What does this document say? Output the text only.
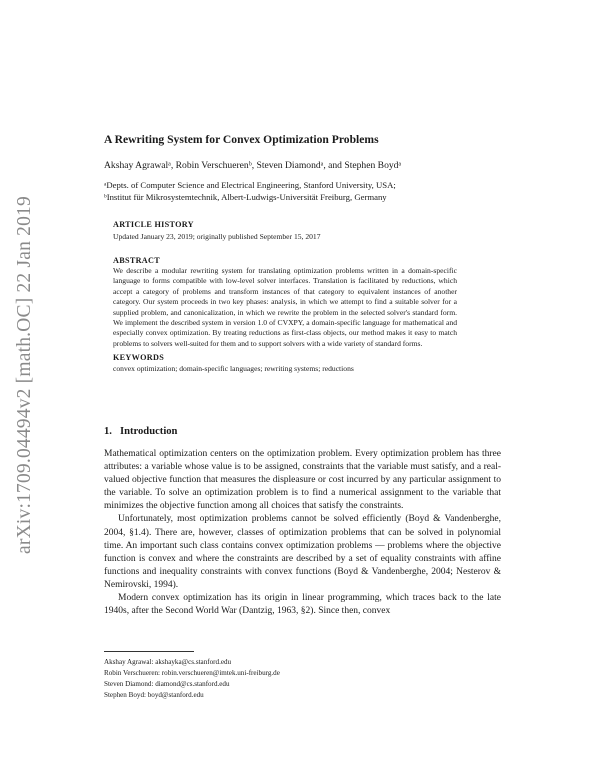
arXiv:1709.04494v2 [math.OC] 22 Jan 2019
A Rewriting System for Convex Optimization Problems
Akshay Agrawalᵃ, Robin Verschuerenᵇ, Steven Diamondᵃ, and Stephen Boydᵃ
ᵃDepts. of Computer Science and Electrical Engineering, Stanford University, USA;
ᵇInstitut für Mikrosystemtechnik, Albert-Ludwigs-Universität Freiburg, Germany
ARTICLE HISTORY
Updated January 23, 2019; originally published September 15, 2017
ABSTRACT
We describe a modular rewriting system for translating optimization problems written in a domain-specific language to forms compatible with low-level solver interfaces. Translation is facilitated by reductions, which accept a category of problems and transform instances of that category to equivalent instances of another category. Our system proceeds in two key phases: analysis, in which we attempt to find a suitable solver for a supplied problem, and canonicalization, in which we rewrite the problem in the selected solver's standard form. We implement the described system in version 1.0 of CVXPY, a domain-specific language for mathematical and especially convex optimization. By treating reductions as first-class objects, our method makes it easy to match problems to solvers well-suited for them and to support solvers with a wide variety of standard forms.
KEYWORDS
convex optimization; domain-specific languages; rewriting systems; reductions
1. Introduction

Mathematical optimization centers on the optimization problem. Every optimization problem has three attributes: a variable whose value is to be assigned, constraints that the variable must satisfy, and a real-valued objective function that measures the displeasure or cost incurred by any particular assignment to the variable. To solve an optimization problem is to find a numerical assignment to the variable that minimizes the objective function among all choices that satisfy the constraints.

Unfortunately, most optimization problems cannot be solved efficiently (Boyd & Vandenberghe, 2004, §1.4). There are, however, classes of optimization problems that can be solved in polynomial time. An important such class contains convex optimization problems — problems where the objective function is convex and where the constraints are described by a set of equality constraints with affine functions and inequality constraints with convex functions (Boyd & Vandenberghe, 2004; Nesterov & Nemirovski, 1994).

Modern convex optimization has its origin in linear programming, which traces back to the late 1940s, after the Second World War (Dantzig, 1963, §2). Since then, convex

Akshay Agrawal: akshayka@cs.stanford.edu
Robin Verschueren: robin.verschueren@imtek.uni-freiburg.de
Steven Diamond: diamond@cs.stanford.edu
Stephen Boyd: boyd@stanford.edu
